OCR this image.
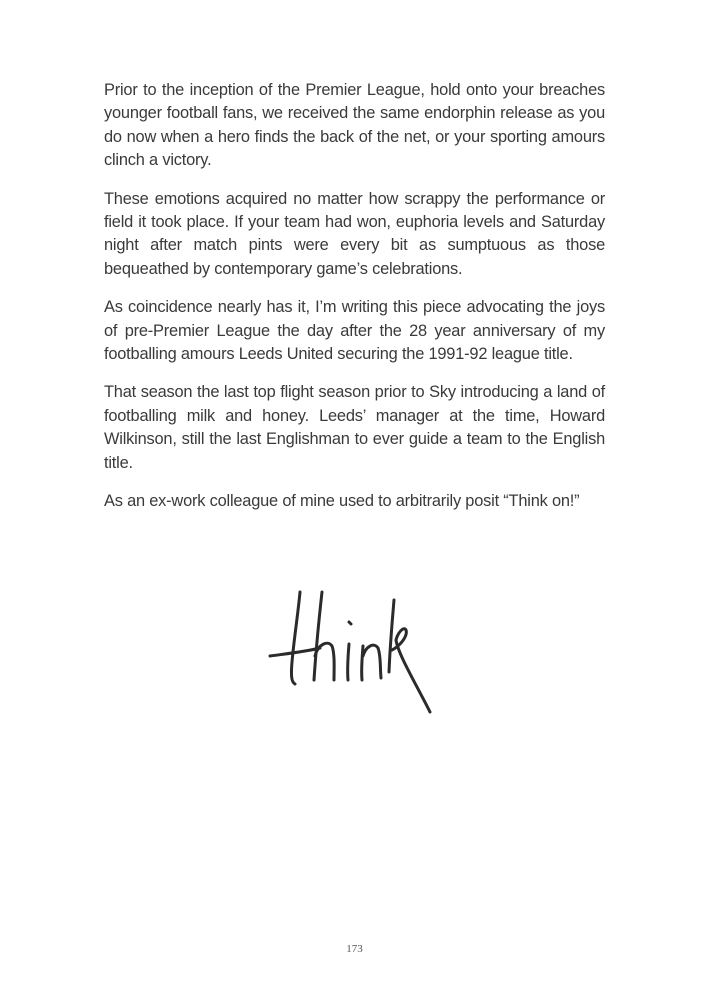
Prior to the inception of the Premier League, hold onto your breaches younger football fans, we received the same endorphin release as you do now when a hero finds the back of the net, or your sporting amours clinch a victory.

These emotions acquired no matter how scrappy the performance or field it took place. If your team had won, euphoria levels and Saturday night after match pints were every bit as sumptuous as those bequeathed by contemporary game’s celebrations.

As coincidence nearly has it, I’m writing this piece advocating the joys of pre-Premier League the day after the 28 year anniversary of my footballing amours Leeds United securing the 1991-92 league title.

That season the last top flight season prior to Sky introducing a land of footballing milk and honey. Leeds’ manager at the time, Howard Wilkinson, still the last Englishman to ever guide a team to the English title.

As an ex-work colleague of mine used to arbitrarily posit “Think on!”

173
